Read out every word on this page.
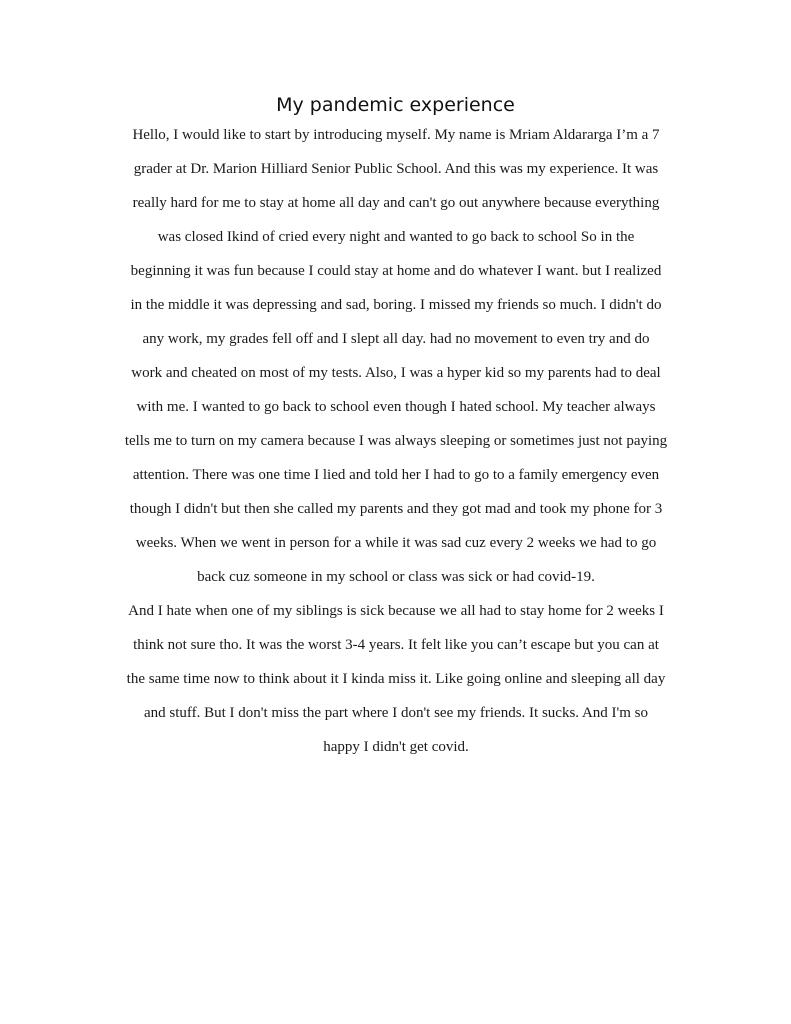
My pandemic experience
Hello, I would like to start by introducing myself. My name is Mriam Aldararga I’m a 7
grader at Dr. Marion Hilliard Senior Public School. And this was my experience. It was
really hard for me to stay at home all day and can't go out anywhere because everything
was closed Ikind of cried every night and wanted to go back to school So in the
beginning it was fun because I could stay at home and do whatever I want. but I realized
in the middle it was depressing and sad, boring. I missed my friends so much. I didn't do
any work, my grades fell off and I slept all day. had no movement to even try and do
work and cheated on most of my tests. Also, I was a hyper kid so my parents had to deal
with me. I wanted to go back to school even though I hated school. My teacher always
tells me to turn on my camera because I was always sleeping or sometimes just not paying
attention. There was one time I lied and told her I had to go to a family emergency even
though I didn't but then she called my parents and they got mad and took my phone for 3
weeks. When we went in person for a while it was sad cuz every 2 weeks we had to go
back cuz someone in my school or class was sick or had covid-19.
And I hate when one of my siblings is sick because we all had to stay home for 2 weeks I
think not sure tho. It was the worst 3-4 years. It felt like you can’t escape but you can at
the same time now to think about it I kinda miss it. Like going online and sleeping all day
and stuff. But I don't miss the part where I don't see my friends. It sucks. And I'm so
happy I didn't get covid.
